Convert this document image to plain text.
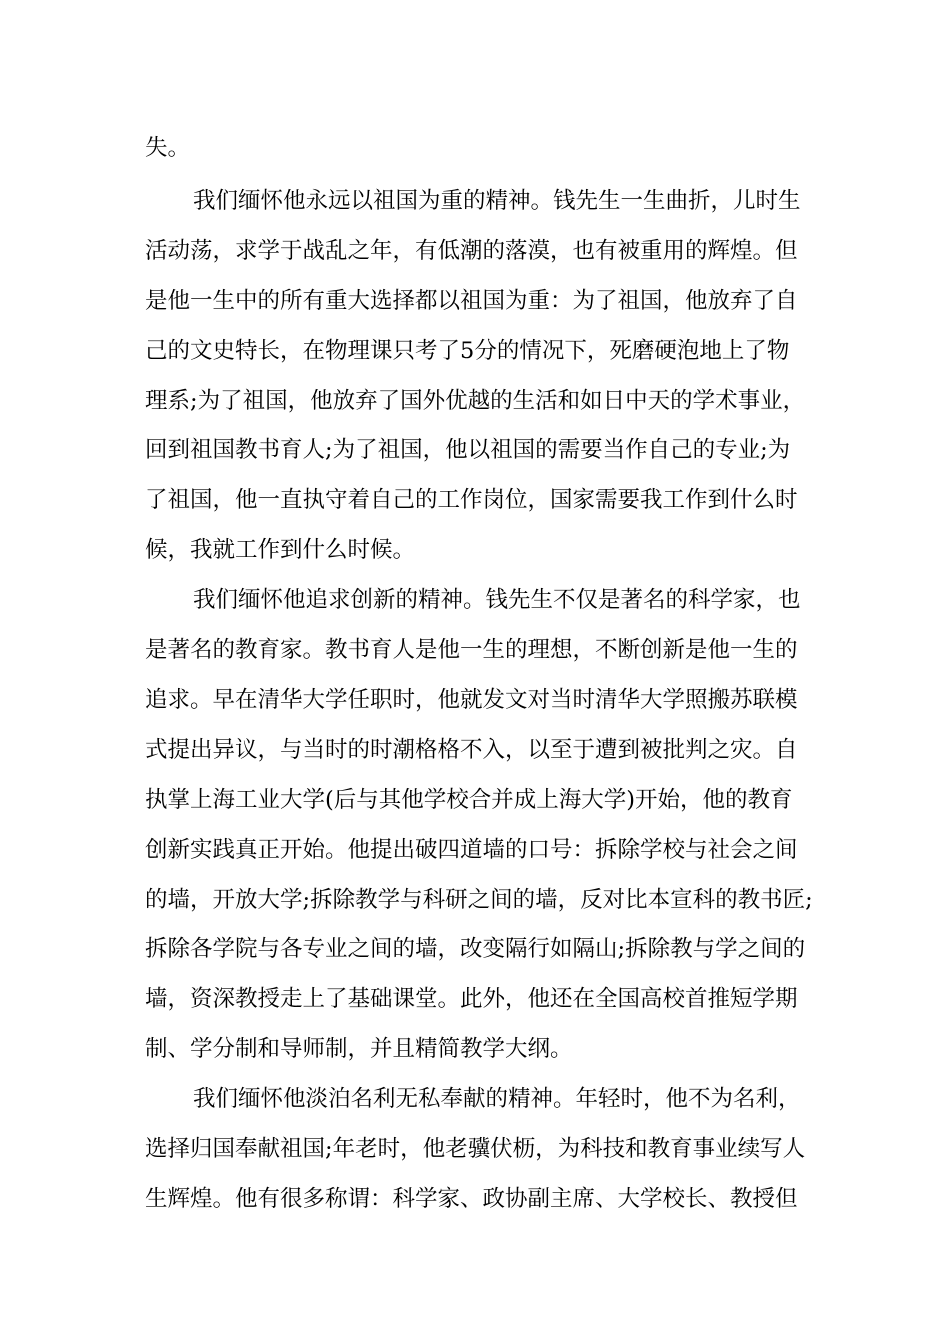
失。
我们缅怀他永远以祖国为重的精神。钱先生一生曲折，儿时生
活动荡，求学于战乱之年，有低潮的落漠，也有被重用的辉煌。但
是他一生中的所有重大选择都以祖国为重：为了祖国，他放弃了自
己的文史特长，在物理课只考了5分的情况下，死磨硬泡地上了物
理系;为了祖国，他放弃了国外优越的生活和如日中天的学术事业，
回到祖国教书育人;为了祖国，他以祖国的需要当作自己的专业;为
了祖国，他一直执守着自己的工作岗位，国家需要我工作到什么时
候，我就工作到什么时候。
我们缅怀他追求创新的精神。钱先生不仅是著名的科学家，也
是著名的教育家。教书育人是他一生的理想，不断创新是他一生的
追求。早在清华大学任职时，他就发文对当时清华大学照搬苏联模
式提出异议，与当时的时潮格格不入，以至于遭到被批判之灾。自
执掌上海工业大学(后与其他学校合并成上海大学)开始，他的教育
创新实践真正开始。他提出破四道墙的口号：拆除学校与社会之间
的墙，开放大学;拆除教学与科研之间的墙，反对比本宣科的教书匠;
拆除各学院与各专业之间的墙，改变隔行如隔山;拆除教与学之间的
墙，资深教授走上了基础课堂。此外，他还在全国高校首推短学期
制、学分制和导师制，并且精简教学大纲。
我们缅怀他淡泊名利无私奉献的精神。年轻时，他不为名利，
选择归国奉献祖国;年老时，他老骥伏枥，为科技和教育事业续写人
生辉煌。他有很多称谓：科学家、政协副主席、大学校长、教授但
